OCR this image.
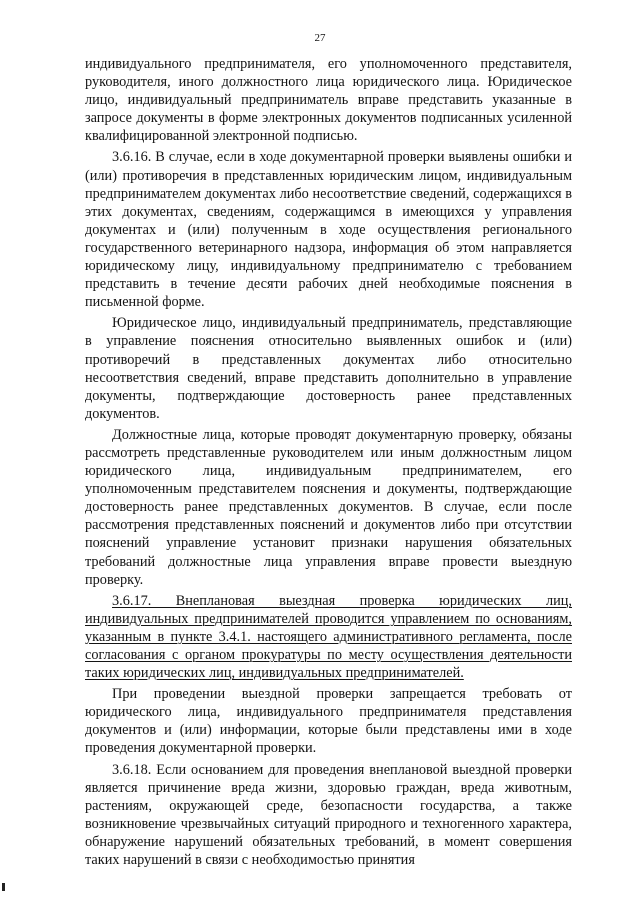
27

индивидуального предпринимателя, его уполномоченного представителя, руководителя, иного должностного лица юридического лица. Юридическое лицо, индивидуальный предприниматель вправе представить указанные в запросе документы в форме электронных документов подписанных усиленной квалифицированной электронной подписью.

3.6.16. В случае, если в ходе документарной проверки выявлены ошибки и (или) противоречия в представленных юридическим лицом, индивидуальным предпринимателем документах либо несоответствие сведений, содержащихся в этих документах, сведениям, содержащимся в имеющихся у управления документах и (или) полученным в ходе осуществления регионального государственного ветеринарного надзора, информация об этом направляется юридическому лицу, индивидуальному предпринимателю с требованием представить в течение десяти рабочих дней необходимые пояснения в письменной форме.

Юридическое лицо, индивидуальный предприниматель, представляющие в управление пояснения относительно выявленных ошибок и (или) противоречий в представленных документах либо относительно несоответствия сведений, вправе представить дополнительно в управление документы, подтверждающие достоверность ранее представленных документов.

Должностные лица, которые проводят документарную проверку, обязаны рассмотреть представленные руководителем или иным должностным лицом юридического лица, индивидуальным предпринимателем, его уполномоченным представителем пояснения и документы, подтверждающие достоверность ранее представленных документов. В случае, если после рассмотрения представленных пояснений и документов либо при отсутствии пояснений управление установит признаки нарушения обязательных требований должностные лица управления вправе провести выездную проверку.

3.6.17. Внеплановая выездная проверка юридических лиц, индивидуальных предпринимателей проводится управлением по основаниям, указанным в пункте 3.4.1. настоящего административного регламента, после согласования с органом прокуратуры по месту осуществления деятельности таких юридических лиц, индивидуальных предпринимателей.

При проведении выездной проверки запрещается требовать от юридического лица, индивидуального предпринимателя представления документов и (или) информации, которые были представлены ими в ходе проведения документарной проверки.

3.6.18. Если основанием для проведения внеплановой выездной проверки является причинение вреда жизни, здоровью граждан, вреда животным, растениям, окружающей среде, безопасности государства, а также возникновение чрезвычайных ситуаций природного и техногенного характера, обнаружение нарушений обязательных требований, в момент совершения таких нарушений в связи с необходимостью принятия
